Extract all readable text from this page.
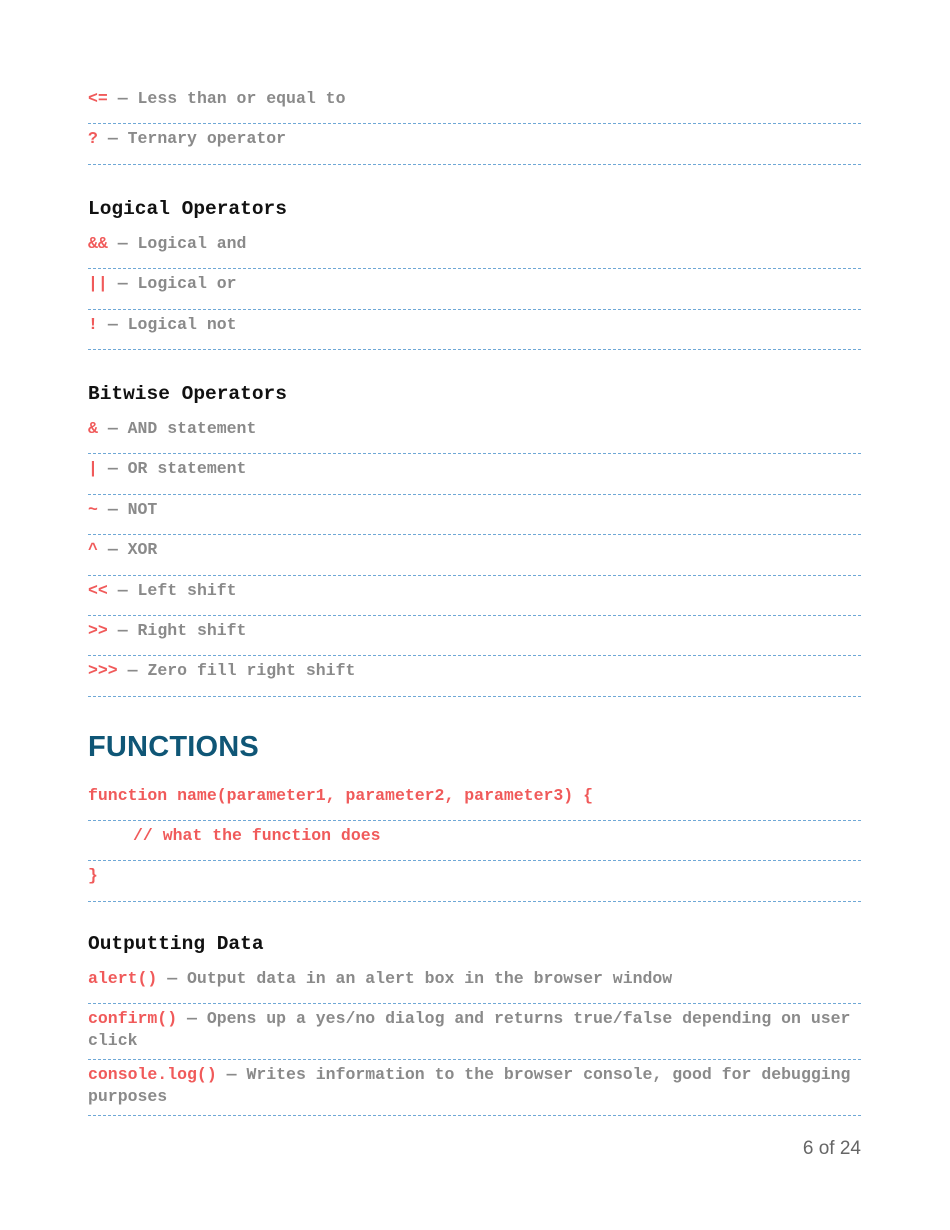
<= — Less than or equal to
? — Ternary operator
Logical Operators
&& — Logical and
|| — Logical or
! — Logical not
Bitwise Operators
& — AND statement
| — OR statement
~ — NOT
^ — XOR
<< — Left shift
>> — Right shift
>>> — Zero fill right shift
FUNCTIONS
function name(parameter1, parameter2, parameter3) {
// what the function does
}
Outputting Data
alert() — Output data in an alert box in the browser window
confirm() — Opens up a yes/no dialog and returns true/false depending on user click
console.log() — Writes information to the browser console, good for debugging purposes
6 of 24
